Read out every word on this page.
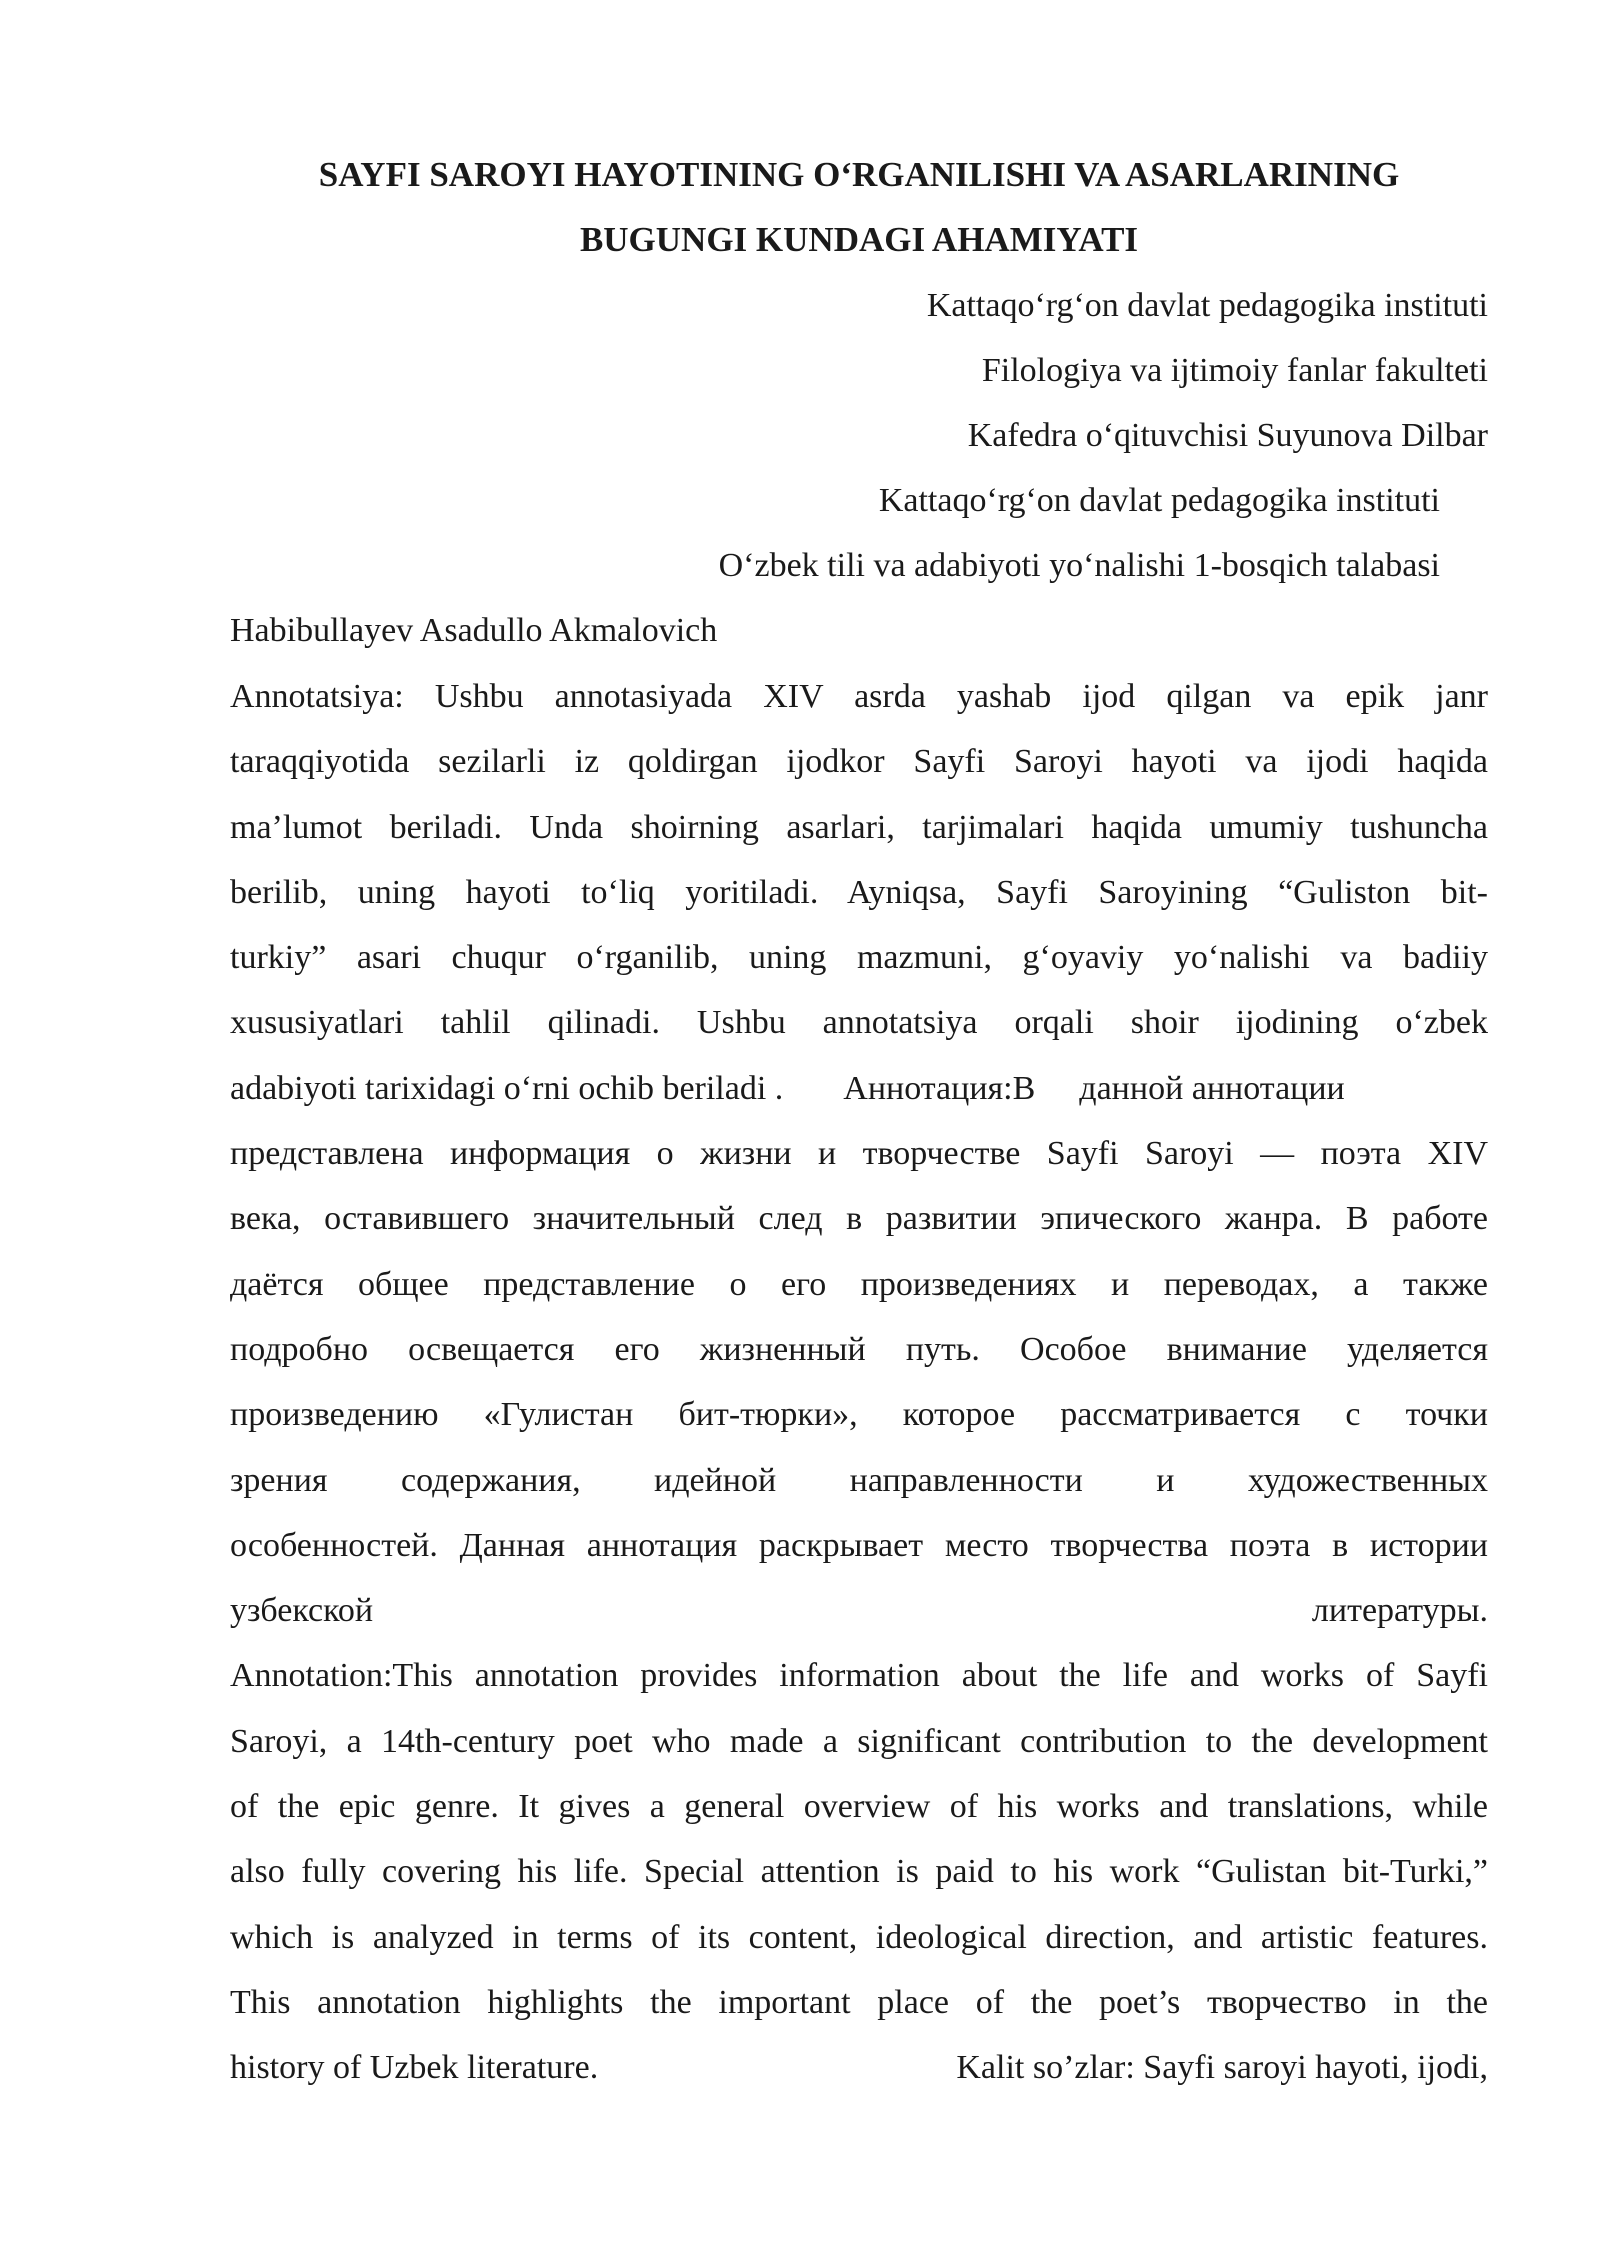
SAYFI SAROYI HAYOTINING O‘RGANILISHI VA ASARLARINING
BUGUNGI KUNDAGI AHAMIYATI
Kattaqo‘rg‘on davlat pedagogika instituti
Filologiya va ijtimoiy fanlar fakulteti
Kafedra o‘qituvchisi Suyunova Dilbar
Kattaqo‘rg‘on davlat pedagogika instituti
O‘zbek tili va adabiyoti yo‘nalishi 1-bosqich talabasi
Habibullayev Asadullo Akmalovich
Annotatsiya: Ushbu annotasiyada XIV asrda yashab ijod qilgan va epik janr
taraqqiyotida sezilarli iz qoldirgan ijodkor Sayfi Saroyi hayoti va ijodi haqida
ma’lumot beriladi. Unda shoirning asarlari, tarjimalari haqida umumiy tushuncha
berilib, uning hayoti to‘liq yoritiladi. Ayniqsa, Sayfi Saroyining “Guliston bit-
turkiy” asari chuqur o‘rganilib, uning mazmuni, g‘oyaviy yo‘nalishi va badiiy
xususiyatlari tahlil qilinadi. Ushbu annotatsiya orqali shoir ijodining o‘zbek
adabiyoti tarixidagi o‘rni ochib beriladi . Аннотация:В данной аннотации
представлена информация о жизни и творчестве Sayfi Saroyi — поэта XIV
века, оставившего значительный след в развитии эпического жанра. В работе
даётся общее представление о его произведениях и переводах, а также
подробно освещается его жизненный путь. Особое внимание уделяется
произведению «Гулистан бит-тюрки», которое рассматривается с точки
зрения содержания, идейной направленности и художественных
особенностей. Данная аннотация раскрывает место творчества поэта в истории
узбекской	литературы.
Annotation:This annotation provides information about the life and works of Sayfi
Saroyi, a 14th-century poet who made a significant contribution to the development
of the epic genre. It gives a general overview of his works and translations, while
also fully covering his life. Special attention is paid to his work “Gulistan bit-Turki,”
which is analyzed in terms of its content, ideological direction, and artistic features.
This annotation highlights the important place of the poet’s творчество in the
history of Uzbek literature.	Kalit so’zlar: Sayfi saroyi hayoti, ijodi,
